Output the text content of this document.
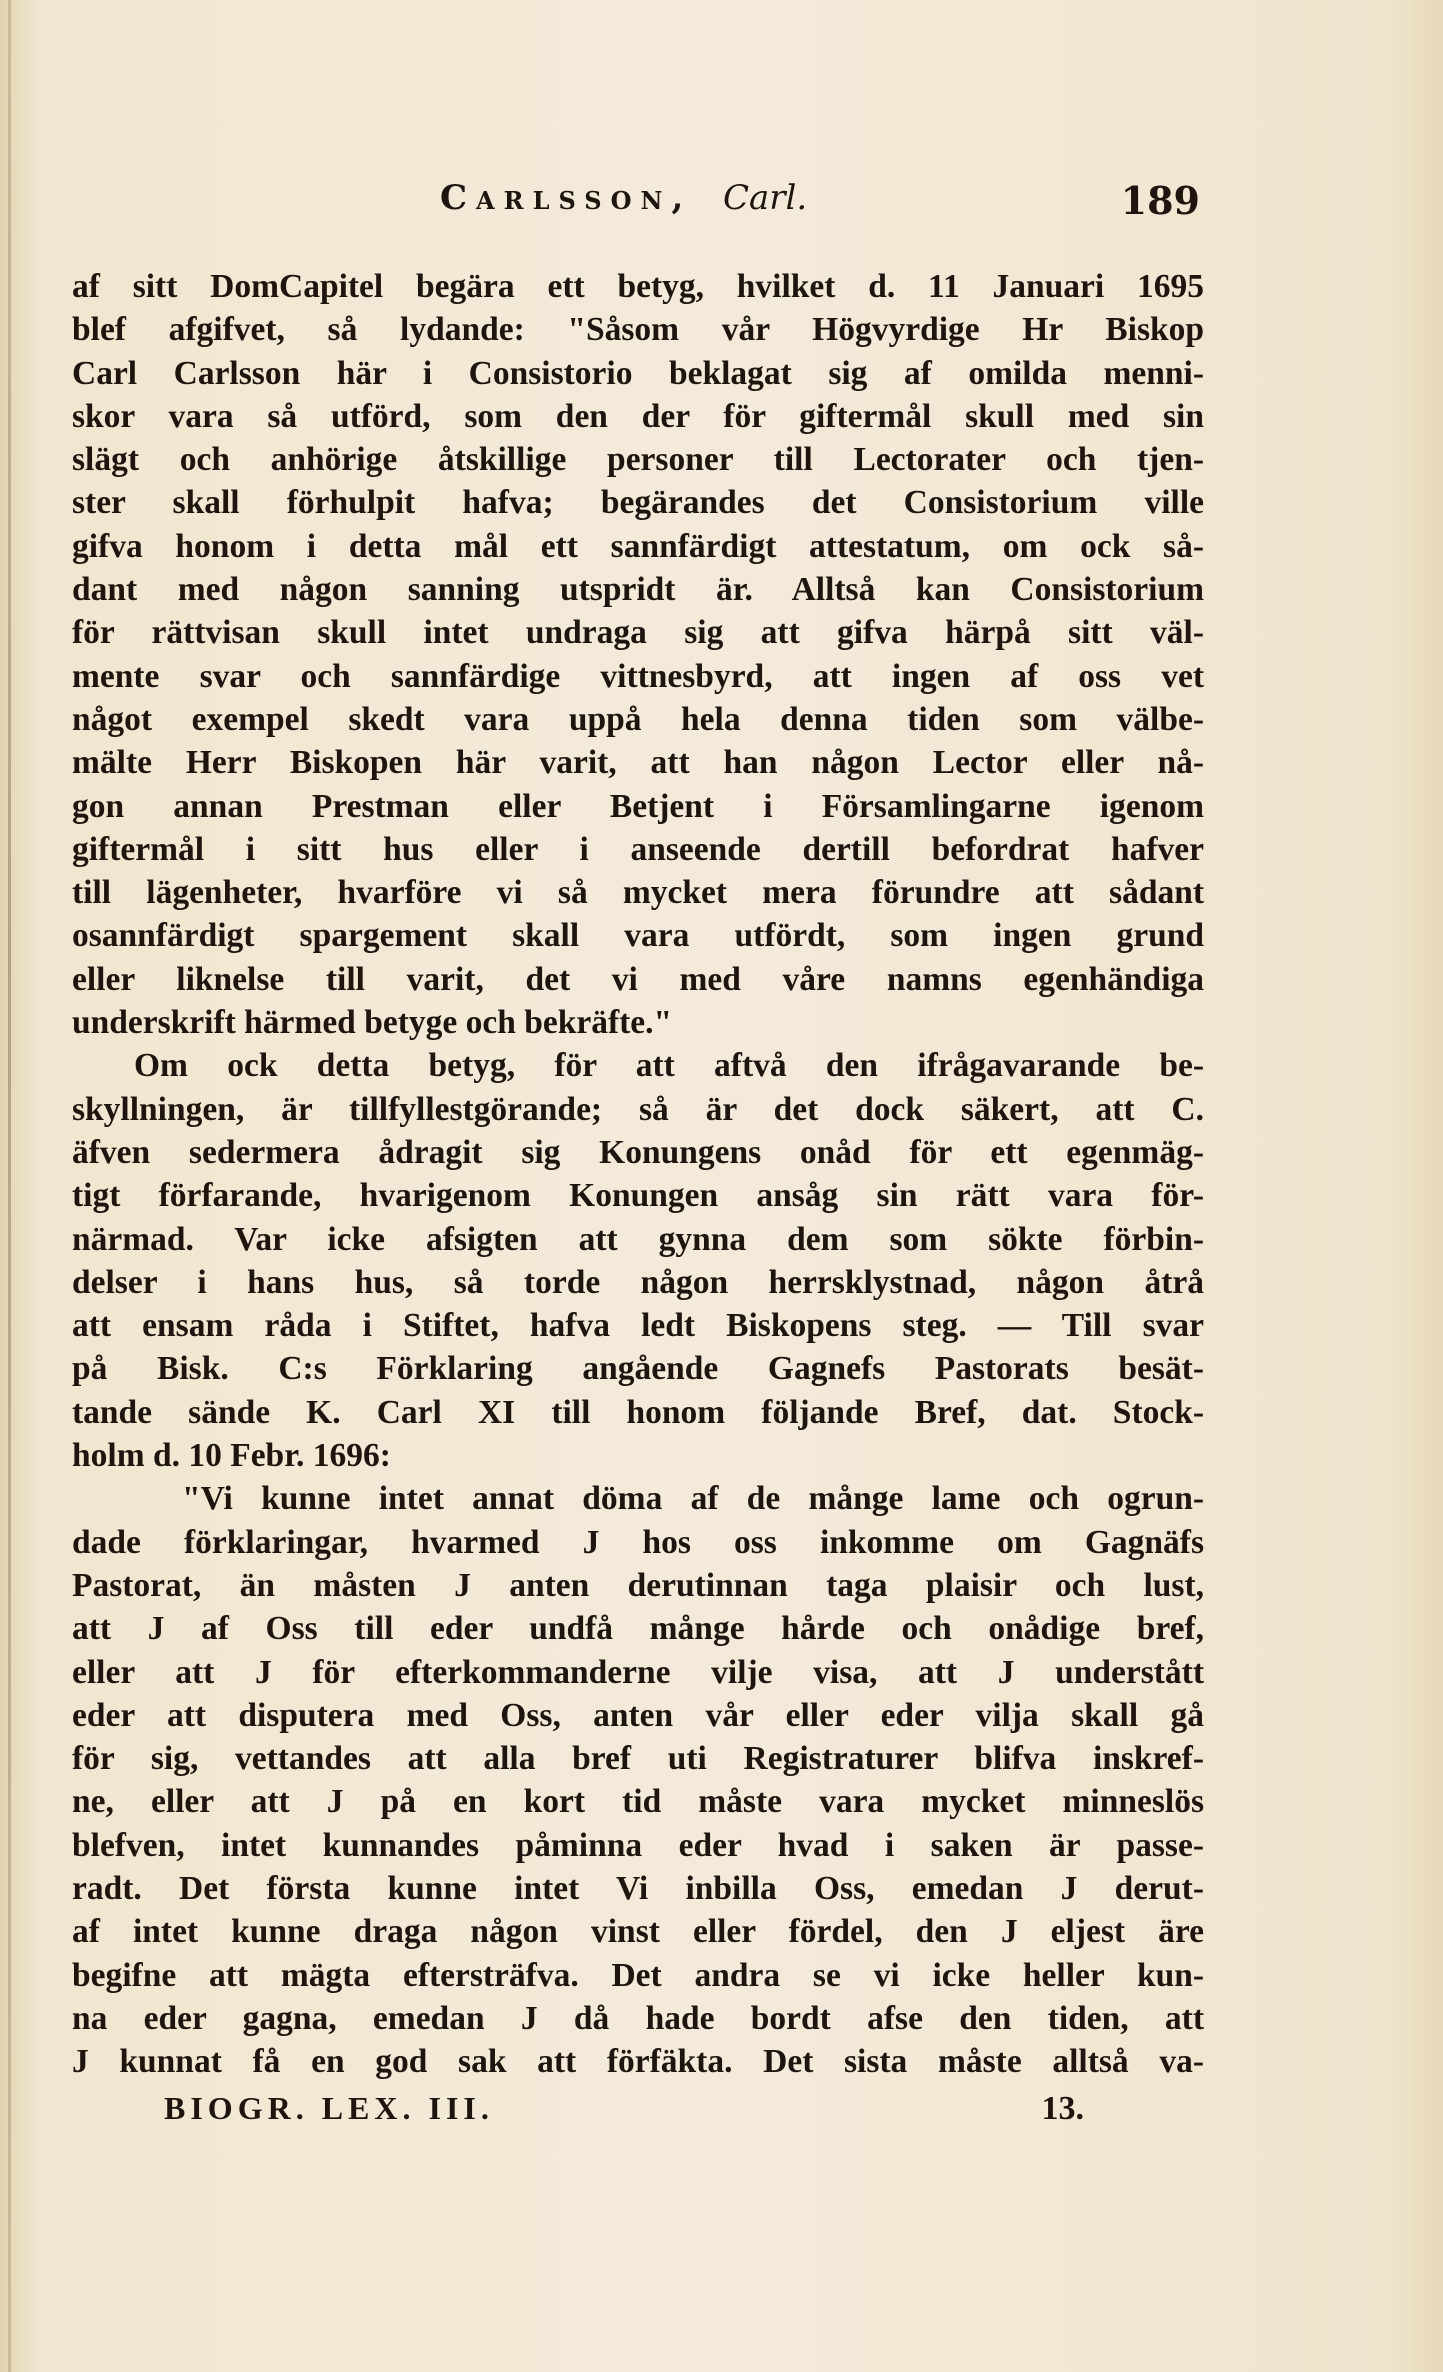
Carlsson, Carl.	189
af sitt DomCapitel begära ett betyg, hvilket d. 11 Januari 1695
blef afgifvet, så lydande: "Såsom vår Högvyrdige Hr Biskop
Carl Carlsson här i Consistorio beklagat sig af omilda menni-
skor vara så utförd, som den der för giftermål skull med sin
slägt och anhörige åtskillige personer till Lectorater och tjen-
ster skall förhulpit hafva; begärandes det Consistorium ville
gifva honom i detta mål ett sannfärdigt attestatum, om ock så-
dant med någon sanning utspridt är. Alltså kan Consistorium
för rättvisan skull intet undraga sig att gifva härpå sitt väl-
mente svar och sannfärdige vittnesbyrd, att ingen af oss vet
något exempel skedt vara uppå hela denna tiden som välbe-
mälte Herr Biskopen här varit, att han någon Lector eller nå-
gon annan Prestman eller Betjent i Församlingarne igenom
giftermål i sitt hus eller i anseende dertill befordrat hafver
till lägenheter, hvarföre vi så mycket mera förundre att sådant
osannfärdigt spargement skall vara utfördt, som ingen grund
eller liknelse till varit, det vi med våre namns egenhändiga
underskrift härmed betyge och bekräfte."
Om ock detta betyg, för att aftvå den ifrågavarande be-
skyllningen, är tillfyllestgörande; så är det dock säkert, att C.
äfven sedermera ådragit sig Konungens onåd för ett egenmäg-
tigt förfarande, hvarigenom Konungen ansåg sin rätt vara för-
närmad. Var icke afsigten att gynna dem som sökte förbin-
delser i hans hus, så torde någon herrsklystnad, någon åtrå
att ensam råda i Stiftet, hafva ledt Biskopens steg. — Till svar
på Bisk. C:s Förklaring angående Gagnefs Pastorats besät-
tande sände K. Carl XI till honom följande Bref, dat. Stock-
holm d. 10 Febr. 1696:
"Vi kunne intet annat döma af de månge lame och ogrun-
dade förklaringar, hvarmed J hos oss inkomme om Gagnäfs
Pastorat, än måsten J anten derutinnan taga plaisir och lust,
att J af Oss till eder undfå månge hårde och onådige bref,
eller att J för efterkommanderne vilje visa, att J understått
eder att disputera med Oss, anten vår eller eder vilja skall gå
för sig, vettandes att alla bref uti Registraturer blifva inskref-
ne, eller att J på en kort tid måste vara mycket minneslös
blefven, intet kunnandes påminna eder hvad i saken är passe-
radt. Det första kunne intet Vi inbilla Oss, emedan J derut-
af intet kunne draga någon vinst eller fördel, den J eljest äre
begifne att mägta eftersträfva. Det andra se vi icke heller kun-
na eder gagna, emedan J då hade bordt afse den tiden, att
J kunnat få en god sak att förfäkta. Det sista måste alltså va-
BIOGR. LEX. III.	13.
